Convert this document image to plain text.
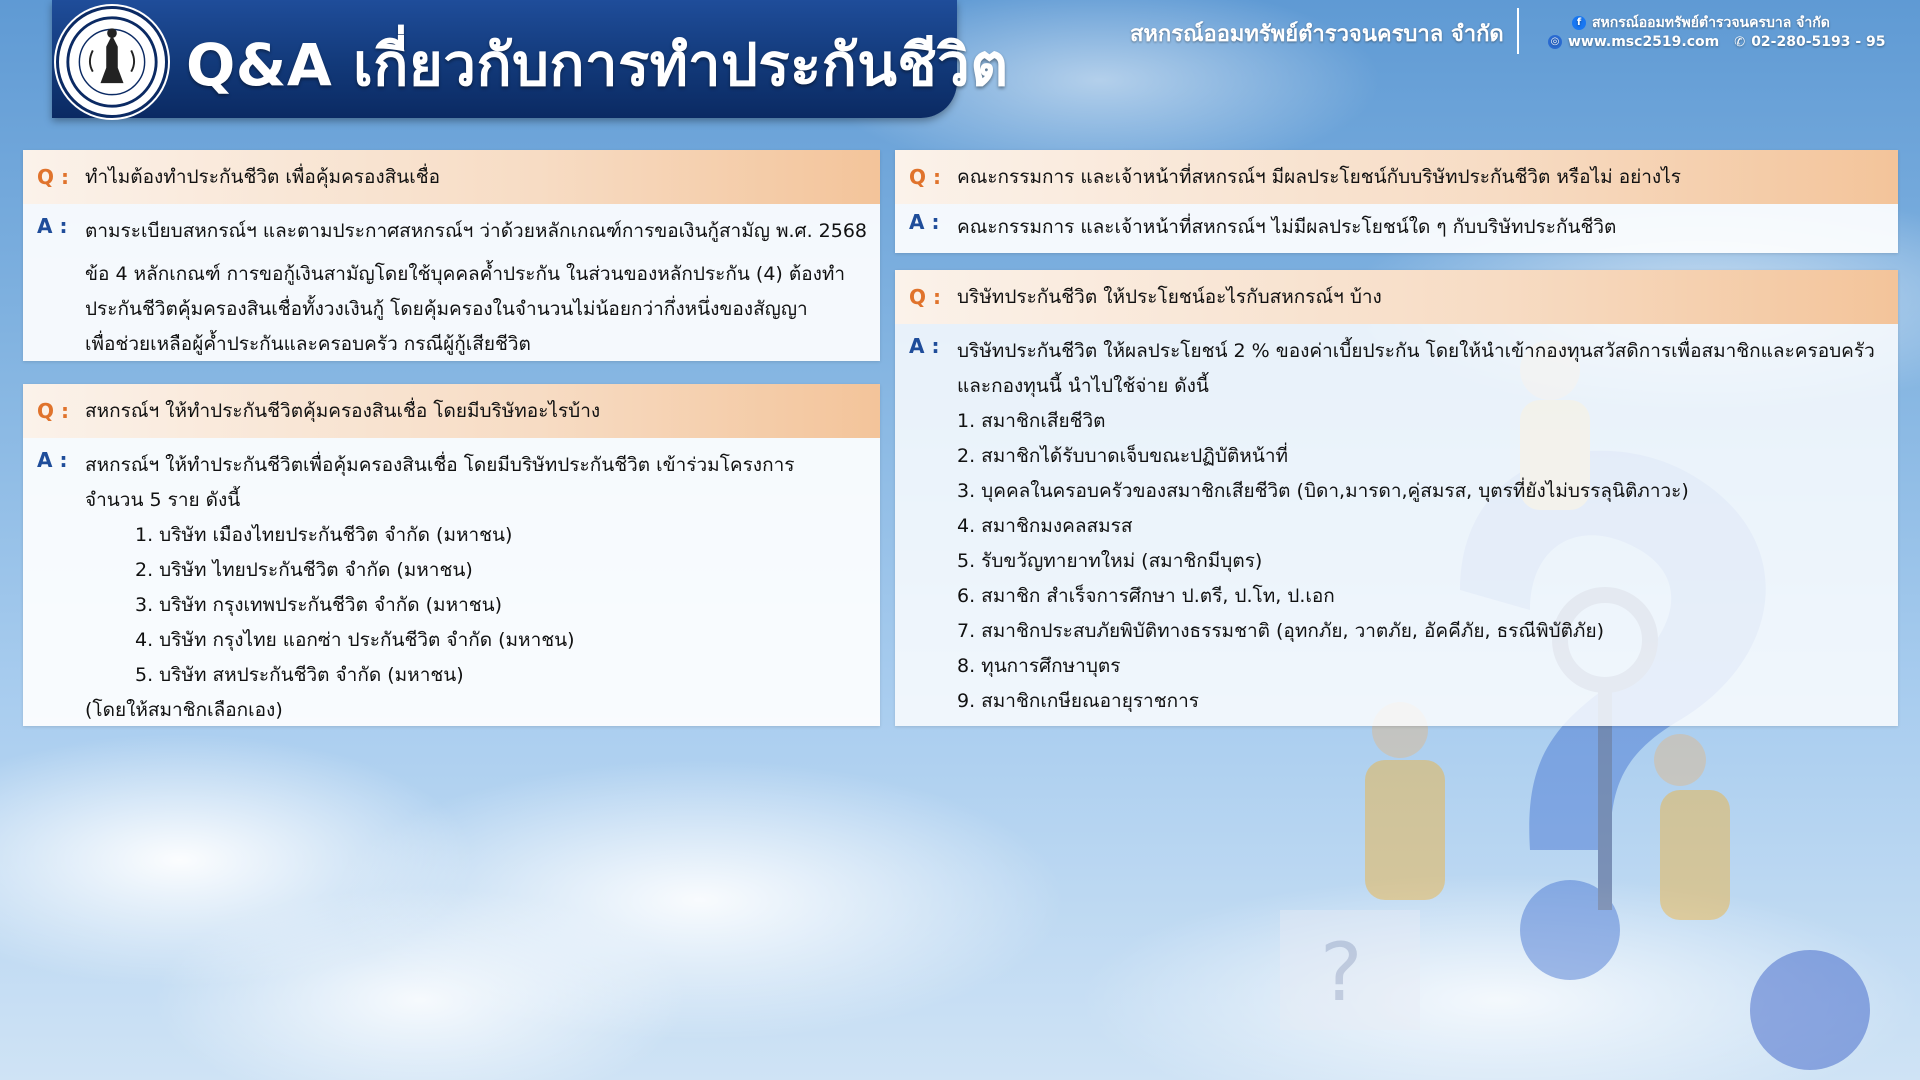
?
Q&A เกี่ยวกับการทำประกันชีวิต	สหกรณ์ออมทรัพย์ตำรวจนครบาล จำกัด	f สหกรณ์ออมทรัพย์ตำรวจนครบาล จำกัด
◎ www.msc2519.com ✆ 02-280-5193 - 95
Q : ทำไมต้องทำประกันชีวิต เพื่อคุ้มครองสินเชื่อ
A : ตามระเบียบสหกรณ์ฯ และตามประกาศสหกรณ์ฯ ว่าด้วยหลักเกณฑ์การขอเงินกู้สามัญ พ.ศ. 2568

ข้อ 4 หลักเกณฑ์ การขอกู้เงินสามัญโดยใช้บุคคลค้ำประกัน ในส่วนของหลักประกัน (4) ต้องทำ

ประกันชีวิตคุ้มครองสินเชื่อทั้งวงเงินกู้ โดยคุ้มครองในจำนวนไม่น้อยกว่ากึ่งหนึ่งของสัญญา

เพื่อช่วยเหลือผู้ค้ำประกันและครอบครัว กรณีผู้กู้เสียชีวิต

Q : สหกรณ์ฯ ให้ทำประกันชีวิตคุ้มครองสินเชื่อ โดยมีบริษัทอะไรบ้าง
A : สหกรณ์ฯ ให้ทำประกันชีวิตเพื่อคุ้มครองสินเชื่อ โดยมีบริษัทประกันชีวิต เข้าร่วมโครงการ

จำนวน 5 ราย ดังนี้

1. บริษัท เมืองไทยประกันชีวิต จำกัด (มหาชน)

2. บริษัท ไทยประกันชีวิต จำกัด (มหาชน)

3. บริษัท กรุงเทพประกันชีวิต จำกัด (มหาชน)

4. บริษัท กรุงไทย แอกซ่า ประกันชีวิต จำกัด (มหาชน)

5. บริษัท สหประกันชีวิต จำกัด (มหาชน)

(โดยให้สมาชิกเลือกเอง)

Q : คณะกรรมการ และเจ้าหน้าที่สหกรณ์ฯ มีผลประโยชน์กับบริษัทประกันชีวิต หรือไม่ อย่างไร
A : คณะกรรมการ และเจ้าหน้าที่สหกรณ์ฯ ไม่มีผลประโยชน์ใด ๆ กับบริษัทประกันชีวิต
Q : บริษัทประกันชีวิต ให้ประโยชน์อะไรกับสหกรณ์ฯ บ้าง
A : บริษัทประกันชีวิต ให้ผลประโยชน์ 2 % ของค่าเบี้ยประกัน โดยให้นำเข้ากองทุนสวัสดิการเพื่อสมาชิกและครอบครัว

และกองทุนนี้ นำไปใช้จ่าย ดังนี้

1. สมาชิกเสียชีวิต

2. สมาชิกได้รับบาดเจ็บขณะปฏิบัติหน้าที่

3. บุคคลในครอบครัวของสมาชิกเสียชีวิต (บิดา,มารดา,คู่สมรส, บุตรที่ยังไม่บรรลุนิติภาวะ)

4. สมาชิกมงคลสมรส

5. รับขวัญทายาทใหม่ (สมาชิกมีบุตร)

6. สมาชิก สำเร็จการศึกษา ป.ตรี, ป.โท, ป.เอก

7. สมาชิกประสบภัยพิบัติทางธรรมชาติ (อุทกภัย, วาตภัย, อัคคีภัย, ธรณีพิบัติภัย)

8. ทุนการศึกษาบุตร

9. สมาชิกเกษียณอายุราชการ
